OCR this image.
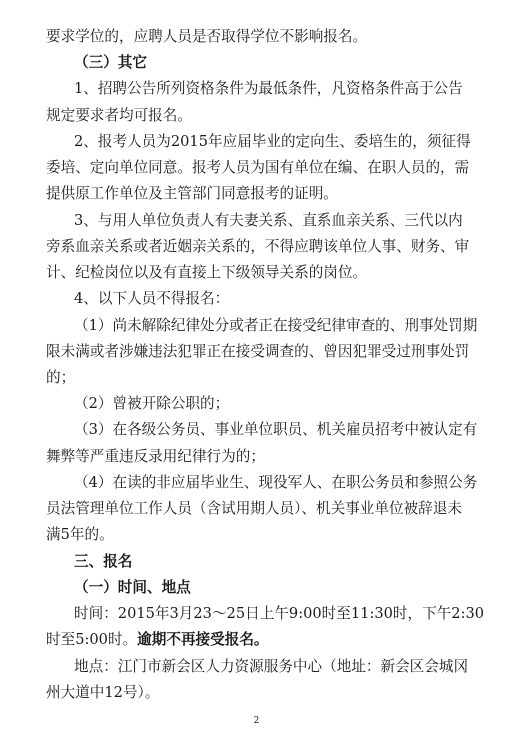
要求学位的，应聘人员是否取得学位不影响报名。
（三）其它
1、招聘公告所列资格条件为最低条件，凡资格条件高于公告
规定要求者均可报名。
2、报考人员为2015年应届毕业的定向生、委培生的，须征得
委培、定向单位同意。报考人员为国有单位在编、在职人员的，需
提供原工作单位及主管部门同意报考的证明。
3、与用人单位负责人有夫妻关系、直系血亲关系、三代以内
旁系血亲关系或者近姻亲关系的，不得应聘该单位人事、财务、审
计、纪检岗位以及有直接上下级领导关系的岗位。
4、以下人员不得报名：
（1）尚未解除纪律处分或者正在接受纪律审查的、刑事处罚期
限未满或者涉嫌违法犯罪正在接受调查的、曾因犯罪受过刑事处罚
的；
（2）曾被开除公职的；
（3）在各级公务员、事业单位职员、机关雇员招考中被认定有
舞弊等严重违反录用纪律行为的；
（4）在读的非应届毕业生、现役军人、在职公务员和参照公务
员法管理单位工作人员（含试用期人员）、机关事业单位被辞退未
满5年的。
三、报名
（一）时间、地点
时间：2015年3月23～25日上午9:00时至11:30时，下午2:30
时至5:00时。逾期不再接受报名。
地点：江门市新会区人力资源服务中心（地址：新会区会城冈
州大道中12号）。
2
